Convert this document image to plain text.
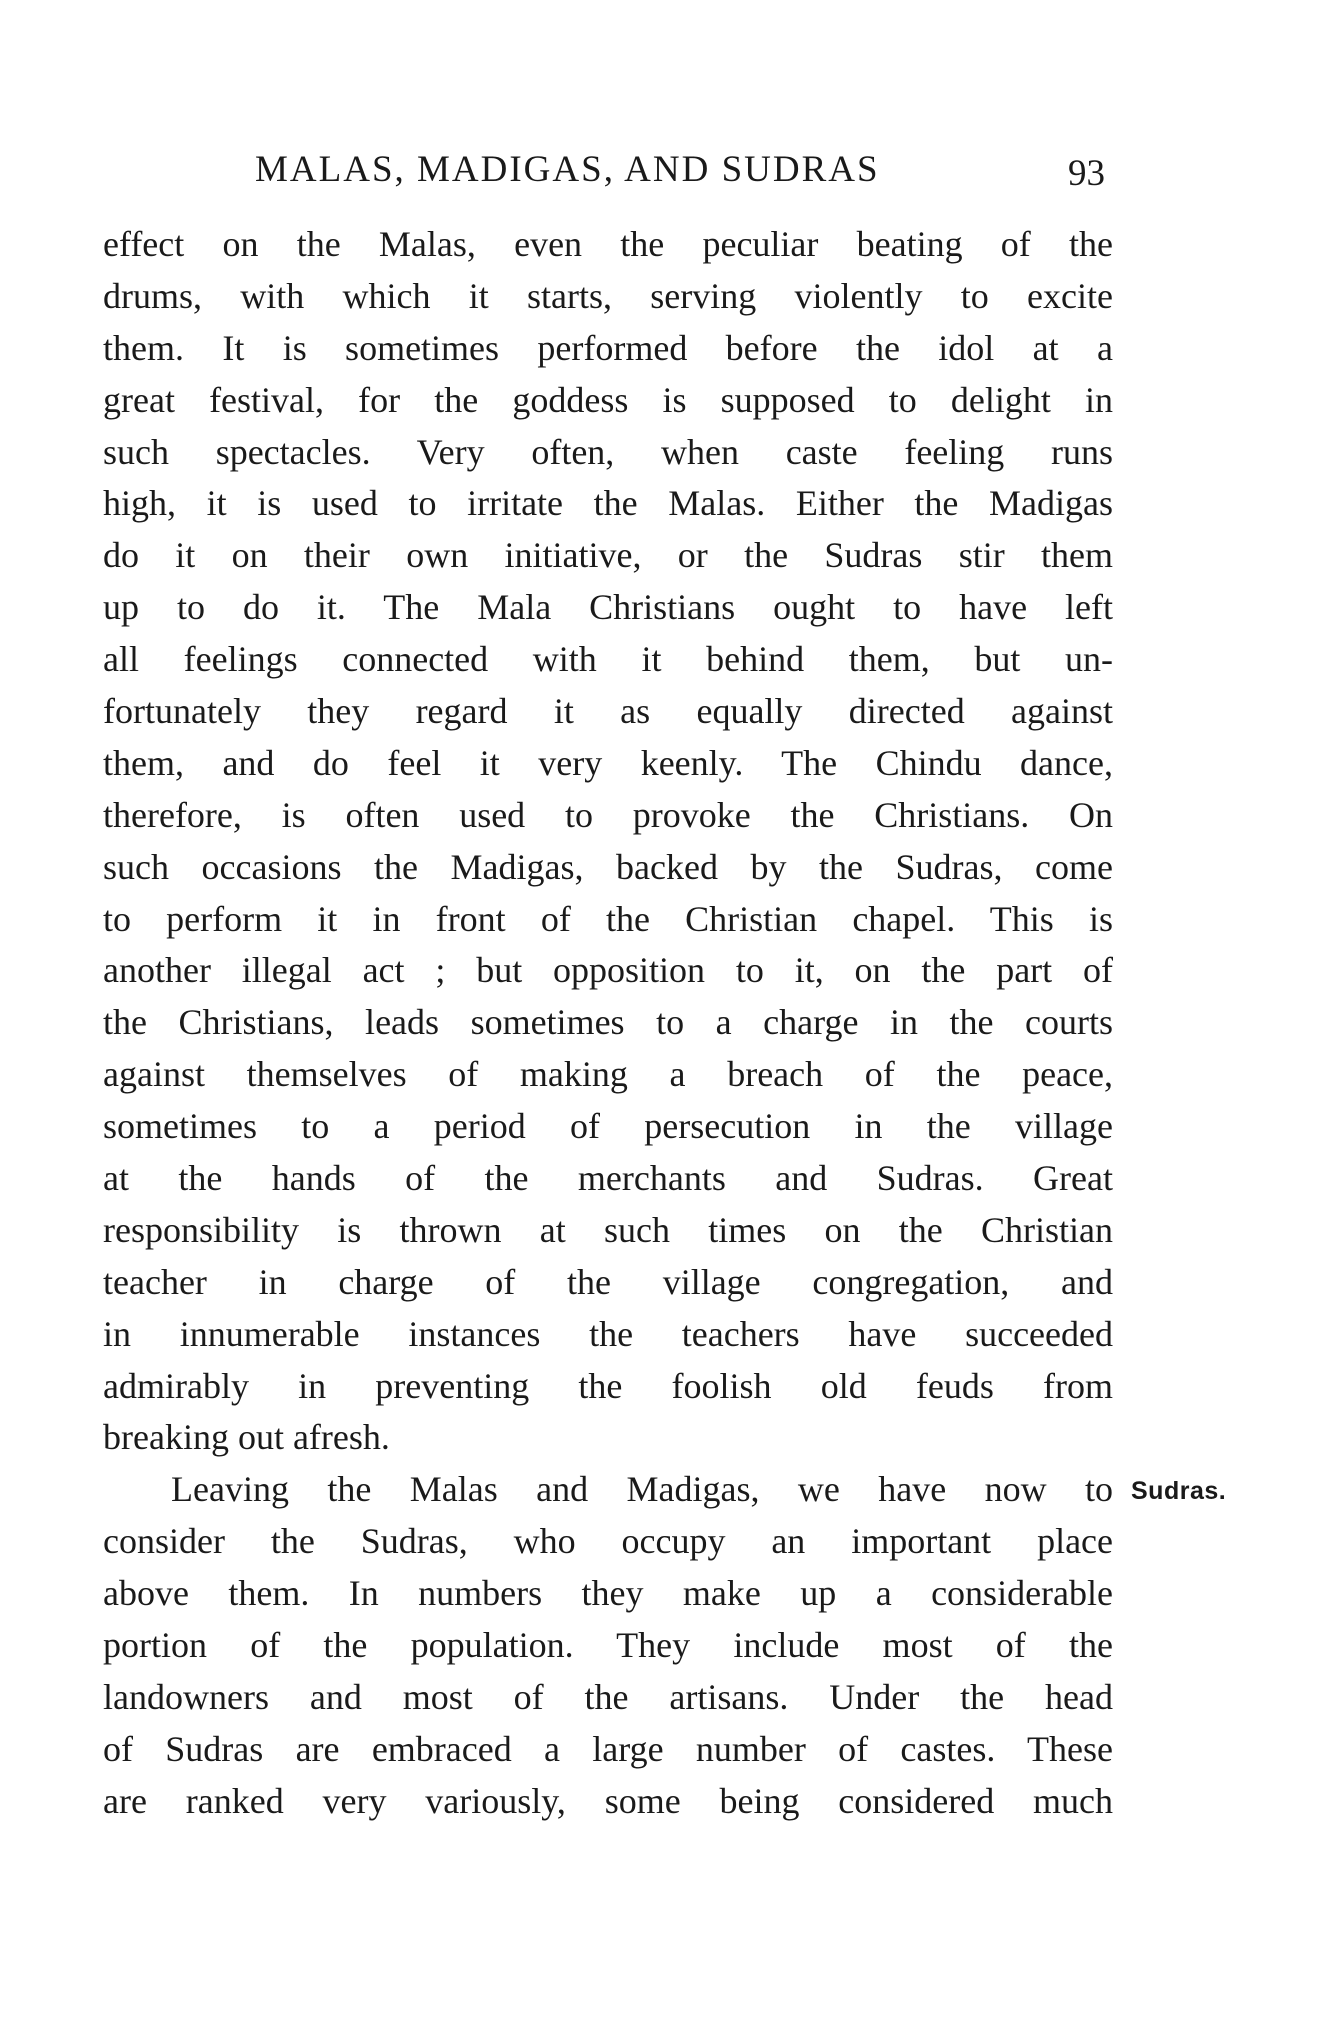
MALAS, MADIGAS, AND SUDRAS	93
effect on the Malas, even the peculiar beating of the
drums, with which it starts, serving violently to excite
them. It is sometimes performed before the idol at a
great festival, for the goddess is supposed to delight in
such spectacles. Very often, when caste feeling runs
high, it is used to irritate the Malas. Either the Madigas
do it on their own initiative, or the Sudras stir them
up to do it. The Mala Christians ought to have left
all feelings connected with it behind them, but un-
fortunately they regard it as equally directed against
them, and do feel it very keenly. The Chindu dance,
therefore, is often used to provoke the Christians. On
such occasions the Madigas, backed by the Sudras, come
to perform it in front of the Christian chapel. This is
another illegal act ; but opposition to it, on the part of
the Christians, leads sometimes to a charge in the courts
against themselves of making a breach of the peace,
sometimes to a period of persecution in the village
at the hands of the merchants and Sudras. Great
responsibility is thrown at such times on the Christian
teacher in charge of the village congregation, and
in innumerable instances the teachers have succeeded
admirably in preventing the foolish old feuds from
breaking out afresh.
Leaving the Malas and Madigas, we have now to
consider the Sudras, who occupy an important place
above them. In numbers they make up a considerable
portion of the population. They include most of the
landowners and most of the artisans. Under the head
of Sudras are embraced a large number of castes. These
are ranked very variously, some being considered much
Sudras.
